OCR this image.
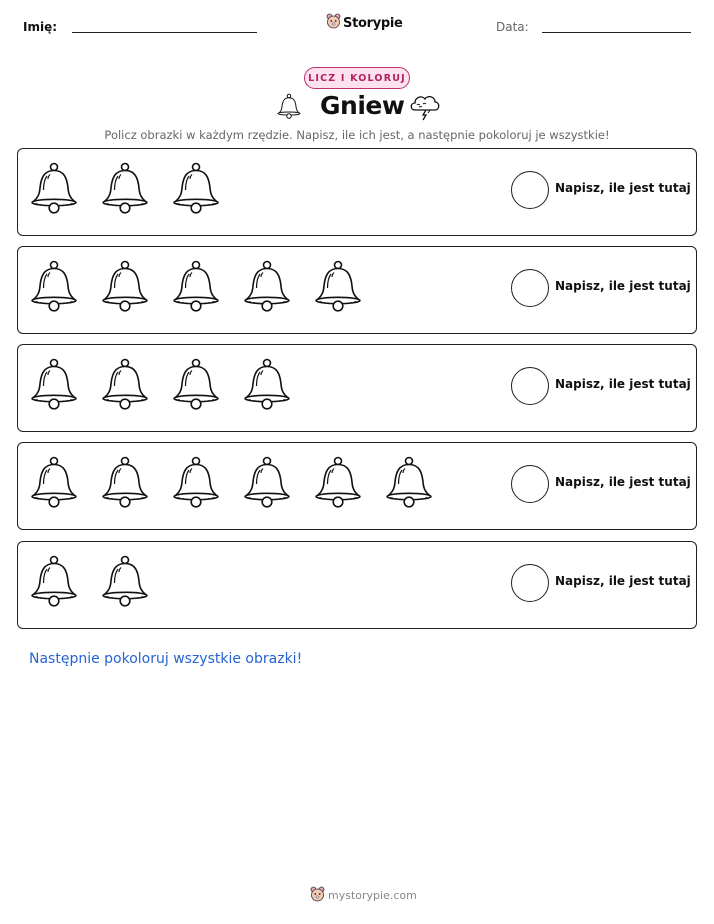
Imię:	Storypie	Data:
LICZ I KOLORUJ
Gniew
Policz obrazki w każdym rzędzie. Napisz, ile ich jest, a następnie pokoloruj je wszystkie!
Napisz, ile jest tutaj
Napisz, ile jest tutaj
Napisz, ile jest tutaj
Napisz, ile jest tutaj
Napisz, ile jest tutaj
Następnie pokoloruj wszystkie obrazki!
mystorypie.com
